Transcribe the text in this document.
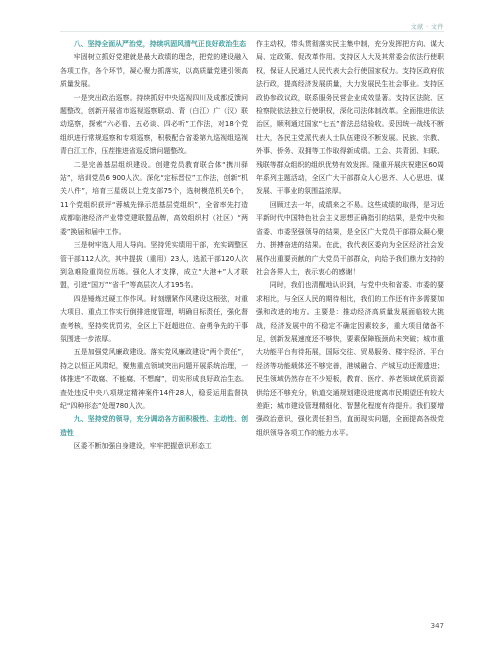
文献 · 文件

八、坚持全面从严治党，持续巩固风清气正良好政治生态

牢固树立抓好党建就是最大政绩的理念，把党的建设融入各项工作，各个环节，凝心聚力抓落实，以高质量党建引领高质量发展。

一是突出政治巡察。持续抓好中央巡视四川及成都反馈问题整改，创新开展省市巡视巡察联动、青（白江）广（汉）联动巡察，探索“六必看、五必谈、四必听”工作法，对18个党组织进行常规巡察和专项巡察，积极配合省委第九巡视组巡视青白江工作，压茬推进省巡反馈问题整改。

二是完善基层组织建设。创建党员教育联合体“携川驿站”，培训党员6 900人次。深化“定标晋位”工作法，创新“机关八件”，培育三星级以上党支部75个，选树模范机关6个，11个党组织获评“蓉城先锋示范基层党组织”，全省率先打造成都临港经济产业带党建联盟品牌，高效组织村（社区）“两委”换届和届中工作。

三是树牢选人用人导向。坚持凭实绩用干部，充实调整区管干部112人次，其中提拔（重用）23人，选派干部120人次到急难险重岗位历练。强化人才支撑，成立“大港+”人才联盟，引进“国万”“省千”等高层次人才195名。

四是锤炼过硬工作作风。时刻绷紧作风建设这根弦，对重大项目、重点工作实行倒排进度管理，明确目标责任，强化督查考核，坚持奖优罚劣，全区上下赶超进位、奋勇争先的干事氛围进一步浓厚。

五是加强党风廉政建设。落实党风廉政建设“两个责任”，持之以恒正风肃纪，聚焦重点领域突出问题开展系统治理，一体推进“不敢腐、不能腐、不想腐”，切实形成良好政治生态。查处违反中央八项规定精神案件14件28人，稳妥运用监督执纪“四种形态”处理780人次。

九、坚持党的领导，充分调动各方面积极性、主动性、创造性

区委不断加强自身建设，牢牢把握意识形态工

作主动权，带头贯彻落实民主集中制，充分发挥把方向、谋大局、定政策、促改革作用。支持区人大及其常委会依法行使职权，保证人民通过人民代表大会行使国家权力。支持区政府依法行政，提高经济发展质量，大力发展民生社会事业。支持区政协参政议政，联系服务民营企业成效显著。支持区法院、区检察院依法独立行使职权，深化司法体制改革。全面推进依法治区，顺利通过国家“七五”普法总结验收。妥因统一战线不断壮大，各民主党派代表人士队伍建设不断发展。民族、宗教、外事、侨务、双拥等工作取得新成绩。工会、共青团、妇联、残联等群众组织的组织优势有效发挥。隆重开展庆祝建区60周年系列主题活动，全区广大干部群众人心思齐、人心思进、谋发展、干事业的氛围益浓厚。

回顾过去一年，成绩来之不易。这些成绩的取得，是习近平新时代中国特色社会主义思想正确指引的结果，是党中央和省委、市委坚强领导的结果，是全区广大党员干部群众凝心聚力、拼搏奋进的结果。在此，我代表区委向为全区经济社会发展作出重要贡献的广大党员干部群众，向给予我们鼎力支持的社会各界人士，表示衷心的感谢！

同时，我们也清醒地认识到，与党中央和省委、市委的要求相比，与全区人民的期待相比，我们的工作还有许多需要加强和改进的地方。主要是：推动经济高质量发展面临较大挑战，经济发展中的不稳定不确定因素较多，重大项目储备不足，创新发展速度还不够快，要素保障瓶颈尚未突破；城市重大功能平台有待拓展，国际交往、贸易服务、楼宇经济、平台经济等功能载体还不够完善，港城融合、产城互动还需遗进；民生领域仍然存在不少短板，教育、医疗、养老领域优质资源供给还不够充分，轨道交通规划建设进度离市民期望还有较大差距；城市建设管理精细化、智慧化程度有待提升。我们要增强政治意识，强化责任担当，直面现实问题，全面提高各级党组织领导各项工作的能力水平。

347
